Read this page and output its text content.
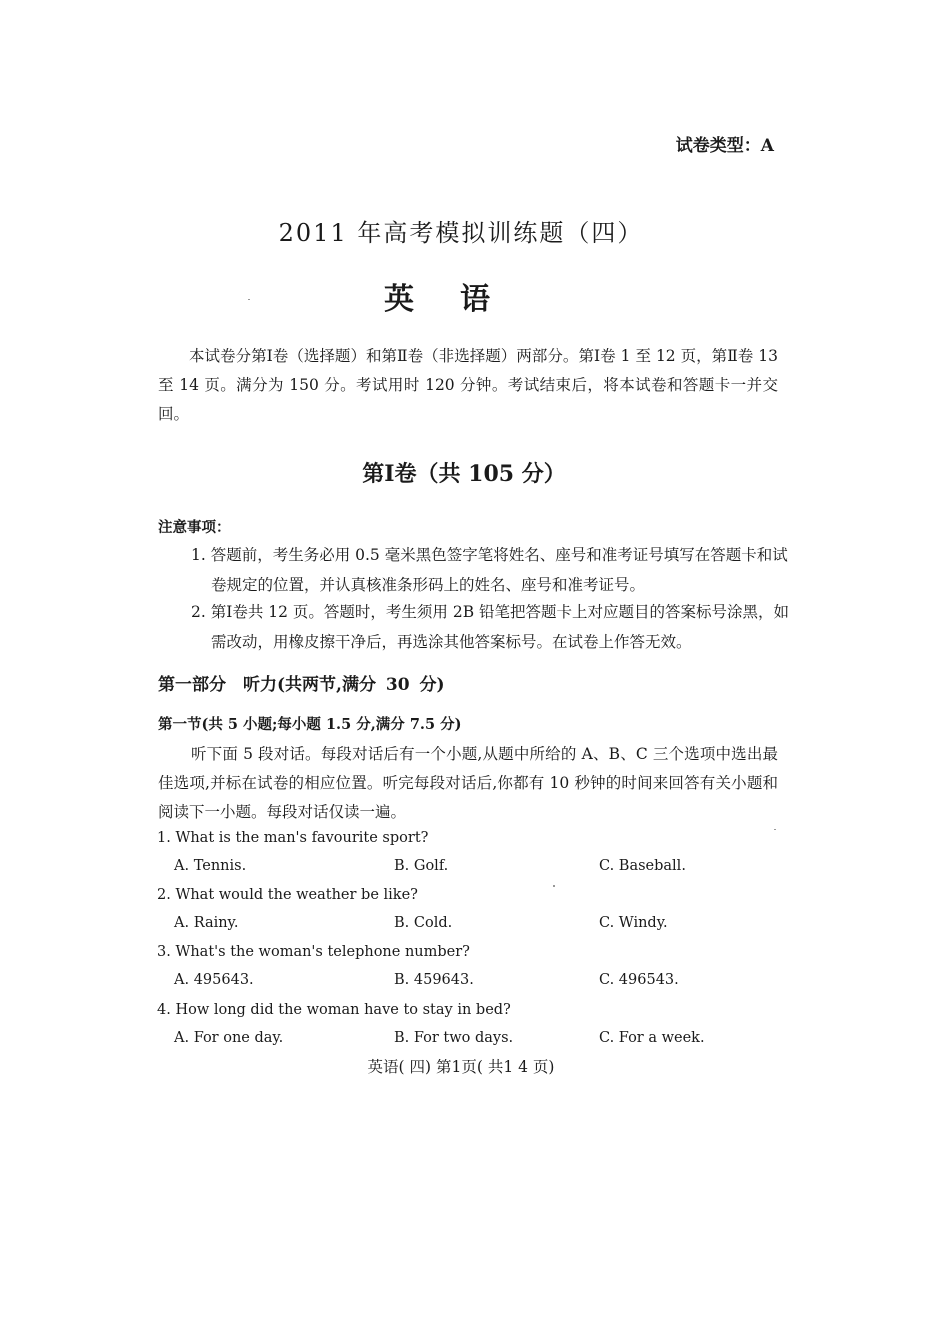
试卷类型：A
2011 年高考模拟训练题（四）
英语
本试卷分第Ⅰ卷（选择题）和第Ⅱ卷（非选择题）两部分。第Ⅰ卷 1 至 12 页，第Ⅱ卷 13 至 14 页。满分为 150 分。考试用时 120 分钟。考试结束后，将本试卷和答题卡一并交回。
第Ⅰ卷（共 105 分）
注意事项：
1. 答题前，考生务必用 0.5 毫米黑色签字笔将姓名、座号和准考证号填写在答题卡和试卷规定的位置，并认真核准条形码上的姓名、座号和准考证号。
2. 第Ⅰ卷共 12 页。答题时，考生须用 2B 铅笔把答题卡上对应题目的答案标号涂黑，如需改动，用橡皮擦干净后，再选涂其他答案标号。在试卷上作答无效。
第一部分　听力(共两节,满分 30 分)
第一节(共 5 小题;每小题 1.5 分,满分 7.5 分)
听下面 5 段对话。每段对话后有一个小题,从题中所给的 A、B、C 三个选项中选出最佳选项,并标在试卷的相应位置。听完每段对话后,你都有 10 秒钟的时间来回答有关小题和阅读下一小题。每段对话仅读一遍。
1. What is the man's favourite sport?
A. Tennis.	B. Golf.	C. Baseball.
2. What would the weather be like?
A. Rainy.	B. Cold.	C. Windy.
3. What's the woman's telephone number?
A. 495643.	B. 459643.	C. 496543.
4. How long did the woman have to stay in bed?
A. For one day.	B. For two days.	C. For a week.
英语( 四) 第1页( 共1 4 页)
